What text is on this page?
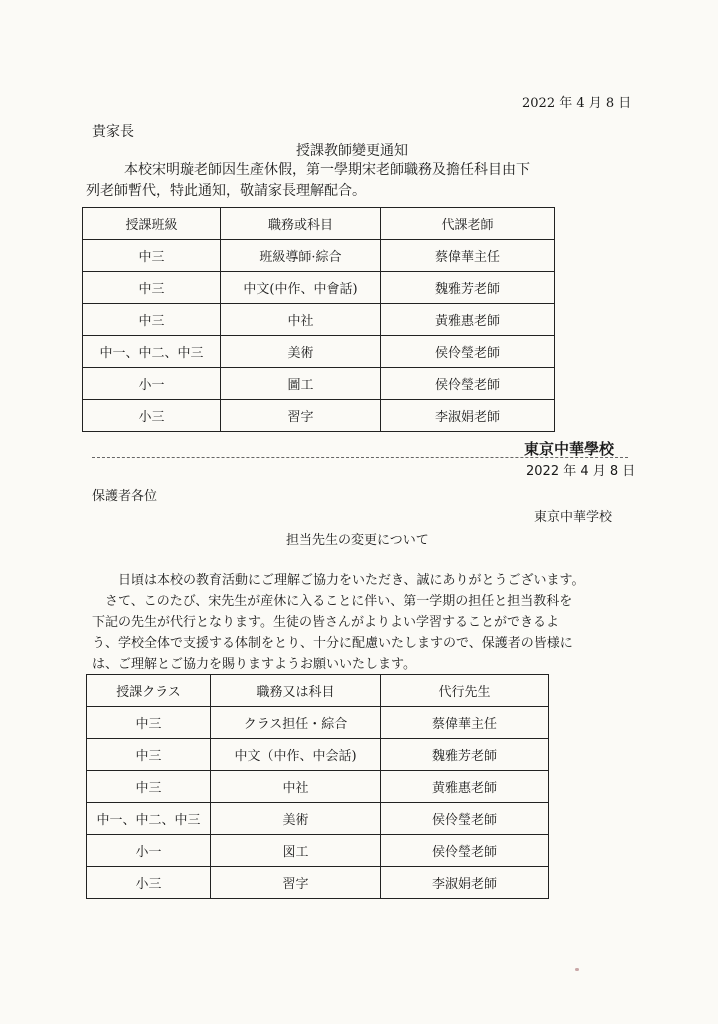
2022 年 4 月 8 日
貴家長
授課教師變更通知

本校宋明璇老師因生產休假，第一學期宋老師職務及擔任科目由下

列老師暫代，特此通知，敬請家長理解配合。

授課班級	職務或科目	代課老師
中三	班級導師·綜合	蔡偉華主任
中三	中文(中作、中會話)	魏雅芳老師
中三	中社	黃雅惠老師
中一、中二、中三	美術	侯伶瑩老師
小一	圖工	侯伶瑩老師
小三	習字	李淑娟老師
東京中華學校
2022 年 4 月 8 日
保護者各位
東京中華学校
担当先生の変更について

日頃は本校の教育活動にご理解ご協力をいただき、誠にありがとうございます。

さて、このたび、宋先生が産休に入ることに伴い、第一学期の担任と担当教科を

下記の先生が代行となります。生徒の皆さんがよりよい学習することができるよ

う、学校全体で支援する体制をとり、十分に配慮いたしますので、保護者の皆様に

は、ご理解とご協力を賜りますようお願いいたします。

授課クラス	職務又は科目	代行先生
中三	クラス担任・綜合	蔡偉華主任
中三	中文（中作、中会話)	魏雅芳老師
中三	中社	黄雅惠老師
中一、中二、中三	美術	侯伶瑩老師
小一	図工	侯伶瑩老師
小三	習字	李淑娟老師
